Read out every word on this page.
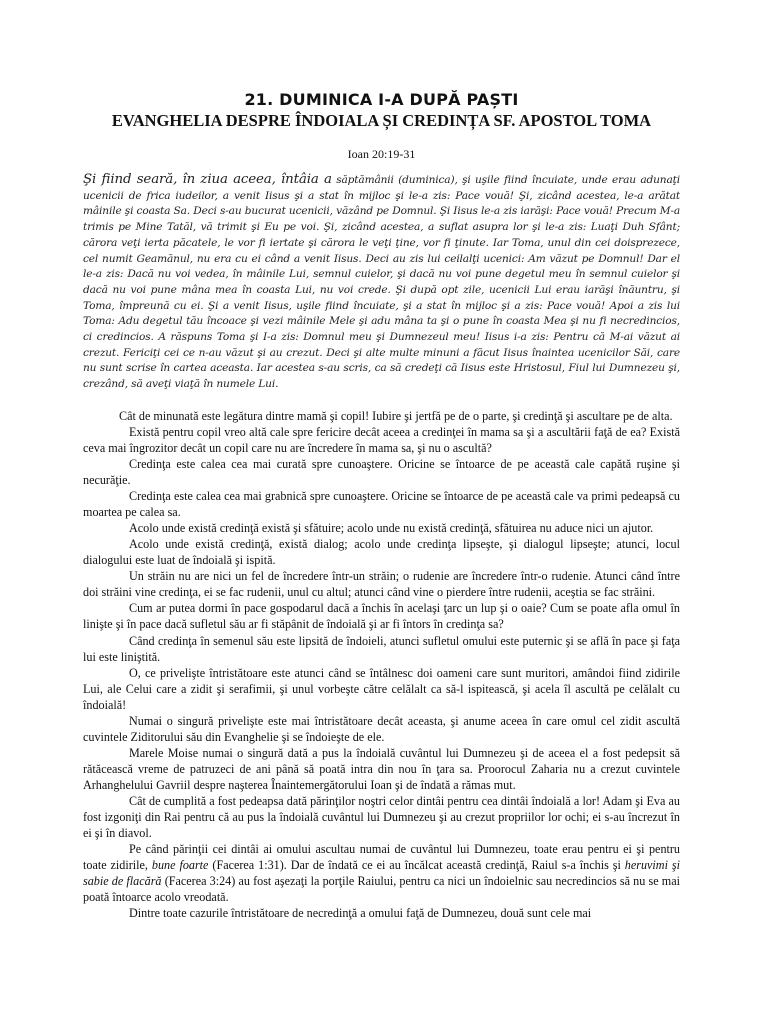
21. DUMINICA I-A DUPĂ PAȘTI
EVANGHELIA DESPRE ÎNDOIALA ȘI CREDINȚA SF. APOSTOL TOMA
Ioan 20:19-31

Şi fiind seară, în ziua aceea, întâia a săptămânii (duminica), şi uşile fiind încuiate, unde erau adunaţi ucenicii de frica iudeilor, a venit Iisus şi a stat în mijloc şi le-a zis: Pace vouă! Şi, zicând acestea, le-a arătat mâinile şi coasta Sa. Deci s-au bucurat ucenicii, văzând pe Domnul. Şi Iisus le-a zis iarăşi: Pace vouă! Precum M-a trimis pe Mine Tatăl, vă trimit şi Eu pe voi. Şi, zicând acestea, a suflat asupra lor şi le-a zis: Luaţi Duh Sfânt; cărora veţi ierta păcatele, le vor fi iertate şi cărora le veţi ţine, vor fi ţinute. Iar Toma, unul din cei doisprezece, cel numit Geamănul, nu era cu ei când a venit Iisus. Deci au zis lui ceilalţi ucenici: Am văzut pe Domnul! Dar el le-a zis: Dacă nu voi vedea, în mâinile Lui, semnul cuielor, şi dacă nu voi pune degetul meu în semnul cuielor şi dacă nu voi pune mâna mea în coasta Lui, nu voi crede. Şi după opt zile, ucenicii Lui erau iarăşi înăuntru, şi Toma, împreună cu ei. Şi a venit Iisus, uşile fiind încuiate, şi a stat în mijloc şi a zis: Pace vouă! Apoi a zis lui Toma: Adu degetul tău încoace şi vezi mâinile Mele şi adu mâna ta şi o pune în coasta Mea şi nu fi necredincios, ci credincios. A răspuns Toma şi I-a zis: Domnul meu şi Dumnezeul meu! Iisus i-a zis: Pentru că M-ai văzut ai crezut. Fericiţi cei ce n-au văzut şi au crezut. Deci şi alte multe minuni a făcut Iisus înaintea ucenicilor Săi, care nu sunt scrise în cartea aceasta. Iar acestea s-au scris, ca să credeţi că Iisus este Hristosul, Fiul lui Dumnezeu şi, crezând, să aveţi viaţă în numele Lui.

Cât de minunată este legătura dintre mamă şi copil! Iubire şi jertfă pe de o parte, şi credinţă şi ascultare pe de alta.

Există pentru copil vreo altă cale spre fericire decât aceea a credinţei în mama sa şi a ascultării faţă de ea? Există ceva mai îngrozitor decât un copil care nu are încredere în mama sa, şi nu o ascultă?

Credinţa este calea cea mai curată spre cunoaştere. Oricine se întoarce de pe această cale capătă ruşine şi necurăţie.

Credinţa este calea cea mai grabnică spre cunoaştere. Oricine se întoarce de pe această cale va primi pedeapsă cu moartea pe calea sa.

Acolo unde există credinţă există şi sfătuire; acolo unde nu există credinţă, sfătuirea nu aduce nici un ajutor.

Acolo unde există credinţă, există dialog; acolo unde credinţa lipseşte, şi dialogul lipseşte; atunci, locul dialogului este luat de îndoială şi ispită.

Un străin nu are nici un fel de încredere într-un străin; o rudenie are încredere într-o rudenie. Atunci când între doi străini vine credinţa, ei se fac rudenii, unul cu altul; atunci când vine o pierdere între rudenii, aceştia se fac străini.

Cum ar putea dormi în pace gospodarul dacă a închis în acelaşi ţarc un lup şi o oaie? Cum se poate afla omul în linişte şi în pace dacă sufletul său ar fi stăpânit de îndoială şi ar fi întors în credinţa sa?

Când credinţa în semenul său este lipsită de îndoieli, atunci sufletul omului este puternic şi se află în pace şi faţa lui este liniştită.

O, ce privelişte întristătoare este atunci când se întâlnesc doi oameni care sunt muritori, amândoi fiind zidirile Lui, ale Celui care a zidit şi serafimii, şi unul vorbeşte către celălalt ca să-l ispitească, şi acela îl ascultă pe celălalt cu îndoială!

Numai o singură privelişte este mai întristătoare decât aceasta, şi anume aceea în care omul cel zidit ascultă cuvintele Ziditorului său din Evanghelie şi se îndoieşte de ele.

Marele Moise numai o singură dată a pus la îndoială cuvântul lui Dumnezeu şi de aceea el a fost pedepsit să rătăcească vreme de patruzeci de ani până să poată intra din nou în ţara sa. Proorocul Zaharia nu a crezut cuvintele Arhanghelului Gavriil despre naşterea Înaintemergătorului Ioan şi de îndată a rămas mut.

Cât de cumplită a fost pedeapsa dată părinţilor noştri celor dintâi pentru cea dintâi îndoială a lor! Adam şi Eva au fost izgoniţi din Rai pentru că au pus la îndoială cuvântul lui Dumnezeu şi au crezut propriilor lor ochi; ei s-au încrezut în ei şi în diavol.

Pe când părinţii cei dintâi ai omului ascultau numai de cuvântul lui Dumnezeu, toate erau pentru ei şi pentru toate zidirile, bune foarte (Facerea 1:31). Dar de îndată ce ei au încălcat această credinţă, Raiul s-a închis şi heruvimi şi sabie de flacără (Facerea 3:24) au fost aşezaţi la porţile Raiului, pentru ca nici un îndoielnic sau necredincios să nu se mai poată întoarce acolo vreodată.

Dintre toate cazurile întristătoare de necredinţă a omului faţă de Dumnezeu, două sunt cele mai
